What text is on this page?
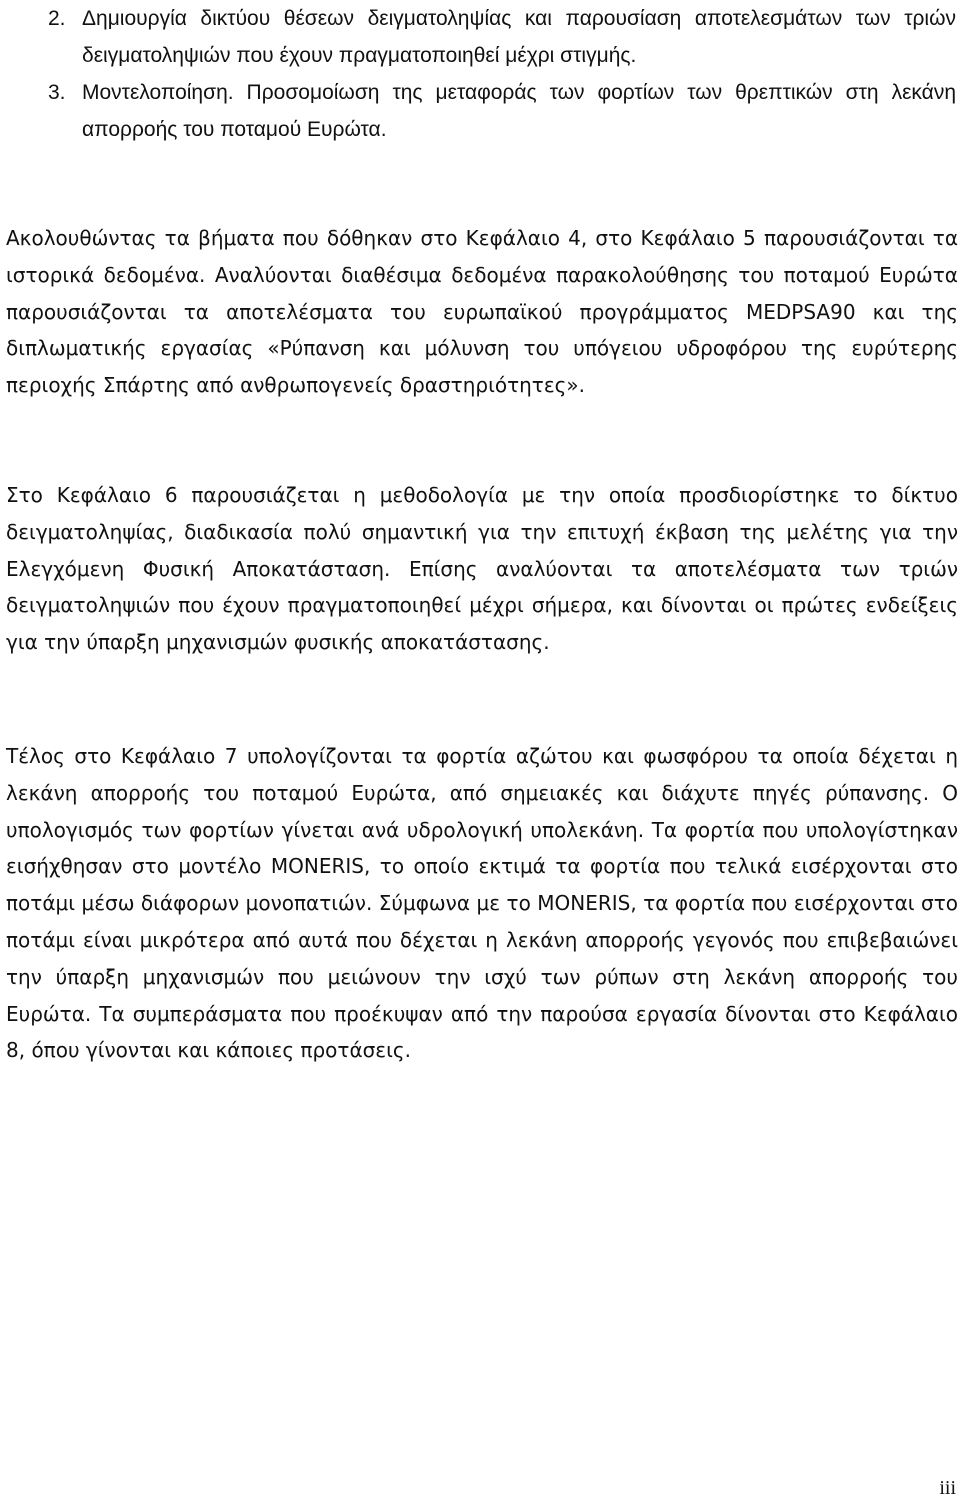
2. Δημιουργία δικτύου θέσεων δειγματοληψίας και παρουσίαση αποτελεσμάτων των τριών δειγματοληψιών που έχουν πραγματοποιηθεί μέχρι στιγμής.

3. Μοντελοποίηση. Προσομοίωση της μεταφοράς των φορτίων των θρεπτικών στη λεκάνη απορροής του ποταμού Ευρώτα.

Ακολουθώντας τα βήματα που δόθηκαν στο Κεφάλαιο 4, στο Κεφάλαιο 5 παρουσιάζονται τα ιστορικά δεδομένα. Αναλύονται διαθέσιμα δεδομένα παρακολούθησης του ποταμού Ευρώτα παρουσιάζονται τα αποτελέσματα του ευρωπαϊκού προγράμματος MEDPSA90 και της διπλωματικής εργασίας «Ρύπανση και μόλυνση του υπόγειου υδροφόρου της ευρύτερης περιοχής Σπάρτης από ανθρωπογενείς δραστηριότητες».

Στο Κεφάλαιο 6 παρουσιάζεται η μεθοδολογία με την οποία προσδιορίστηκε το δίκτυο δειγματοληψίας, διαδικασία πολύ σημαντική για την επιτυχή έκβαση της μελέτης για την Ελεγχόμενη Φυσική Αποκατάσταση. Επίσης αναλύονται τα αποτελέσματα των τριών δειγματοληψιών που έχουν πραγματοποιηθεί μέχρι σήμερα, και δίνονται οι πρώτες ενδείξεις για την ύπαρξη μηχανισμών φυσικής αποκατάστασης.

Τέλος στο Κεφάλαιο 7 υπολογίζονται τα φορτία αζώτου και φωσφόρου τα οποία δέχεται η λεκάνη απορροής του ποταμού Ευρώτα, από σημειακές και διάχυτε πηγές ρύπανσης. Ο υπολογισμός των φορτίων γίνεται ανά υδρολογική υπολεκάνη. Τα φορτία που υπολογίστηκαν εισήχθησαν στο μοντέλο MONERIS, το οποίο εκτιμά τα φορτία που τελικά εισέρχονται στο ποτάμι μέσω διάφορων μονοπατιών. Σύμφωνα με το MONERIS, τα φορτία που εισέρχονται στο ποτάμι είναι μικρότερα από αυτά που δέχεται η λεκάνη απορροής γεγονός που επιβεβαιώνει την ύπαρξη μηχανισμών που μειώνουν την ισχύ των ρύπων στη λεκάνη απορροής του Ευρώτα. Τα συμπεράσματα που προέκυψαν από την παρούσα εργασία δίνονται στο Κεφάλαιο 8, όπου γίνονται και κάποιες προτάσεις.

iii
